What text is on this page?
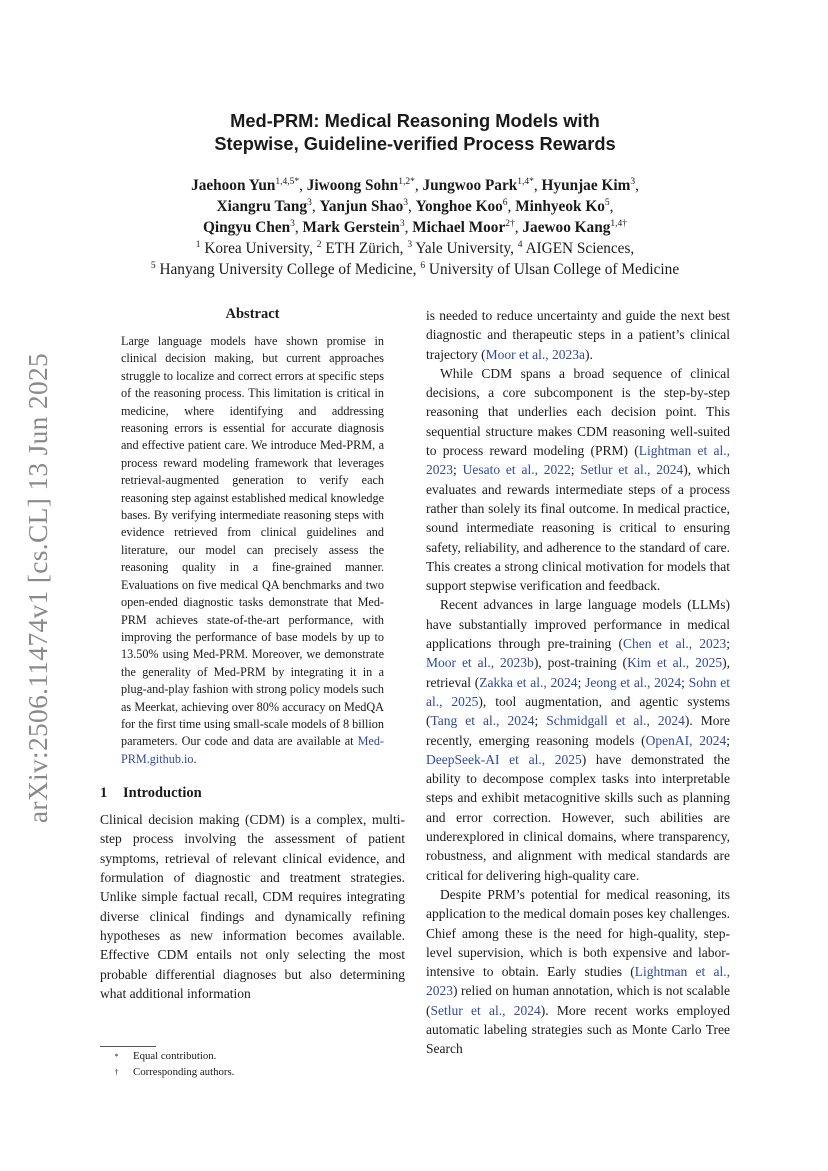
arXiv:2506.11474v1 [cs.CL] 13 Jun 2025
Med-PRM: Medical Reasoning Models with
Stepwise, Guideline-verified Process Rewards
Jaehoon Yun$^{1,4,5*}$, Jiwoong Sohn$^{1,2*}$, Jungwoo Park$^{1,4*}$, Hyunjae Kim$^3$,
Xiangru Tang$^3$, Yanjun Shao$^3$, Yonghoe Koo$^6$, Minhyeok Ko$^5$,
Qingyu Chen$^3$, Mark Gerstein$^3$, Michael Moor$^{2\dagger}$, Jaewoo Kang$^{1,4\dagger}$
$^1$ Korea University, $^2$ ETH Zürich, $^3$ Yale University, $^4$ AIGEN Sciences,
$^5$ Hanyang University College of Medicine, $^6$ University of Ulsan College of Medicine
Abstract

Large language models have shown promise in clinical decision making, but current approaches struggle to localize and correct errors at specific steps of the reasoning process. This limitation is critical in medicine, where identifying and addressing reasoning errors is essential for accurate diagnosis and effective patient care. We introduce Med-PRM, a process reward modeling framework that leverages retrieval-augmented generation to verify each reasoning step against established medical knowledge bases. By verifying intermediate reasoning steps with evidence retrieved from clinical guidelines and literature, our model can precisely assess the reasoning quality in a fine-grained manner. Evaluations on five medical QA benchmarks and two open-ended diagnostic tasks demonstrate that Med-PRM achieves state-of-the-art performance, with improving the performance of base models by up to 13.50% using Med-PRM. Moreover, we demonstrate the generality of Med-PRM by integrating it in a plug-and-play fashion with strong policy models such as Meerkat, achieving over 80% accuracy on MedQA for the first time using small-scale models of 8 billion parameters. Our code and data are available at Med-PRM.github.io.

1 Introduction

Clinical decision making (CDM) is a complex, multi-step process involving the assessment of patient symptoms, retrieval of relevant clinical evidence, and formulation of diagnostic and treatment strategies. Unlike simple factual recall, CDM requires integrating diverse clinical findings and dynamically refining hypotheses as new information becomes available. Effective CDM entails not only selecting the most probable differential diagnoses but also determining what additional information

*	Equal contribution.
†	Corresponding authors.

is needed to reduce uncertainty and guide the next best diagnostic and therapeutic steps in a patient’s clinical trajectory (Moor et al., 2023a).

While CDM spans a broad sequence of clinical decisions, a core subcomponent is the step-by-step reasoning that underlies each decision point. This sequential structure makes CDM reasoning well-suited to process reward modeling (PRM) (Lightman et al., 2023; Uesato et al., 2022; Setlur et al., 2024), which evaluates and rewards intermediate steps of a process rather than solely its final outcome. In medical practice, sound intermediate reasoning is critical to ensuring safety, reliability, and adherence to the standard of care. This creates a strong clinical motivation for models that support stepwise verification and feedback.

Recent advances in large language models (LLMs) have substantially improved performance in medical applications through pre-training (Chen et al., 2023; Moor et al., 2023b), post-training (Kim et al., 2025), retrieval (Zakka et al., 2024; Jeong et al., 2024; Sohn et al., 2025), tool augmentation, and agentic systems (Tang et al., 2024; Schmidgall et al., 2024). More recently, emerging reasoning models (OpenAI, 2024; DeepSeek-AI et al., 2025) have demonstrated the ability to decompose complex tasks into interpretable steps and exhibit metacognitive skills such as planning and error correction. However, such abilities are underexplored in clinical domains, where transparency, robustness, and alignment with medical standards are critical for delivering high-quality care.

Despite PRM’s potential for medical reasoning, its application to the medical domain poses key challenges. Chief among these is the need for high-quality, step-level supervision, which is both expensive and labor-intensive to obtain. Early studies (Lightman et al., 2023) relied on human annotation, which is not scalable (Setlur et al., 2024). More recent works employed automatic labeling strategies such as Monte Carlo Tree Search
